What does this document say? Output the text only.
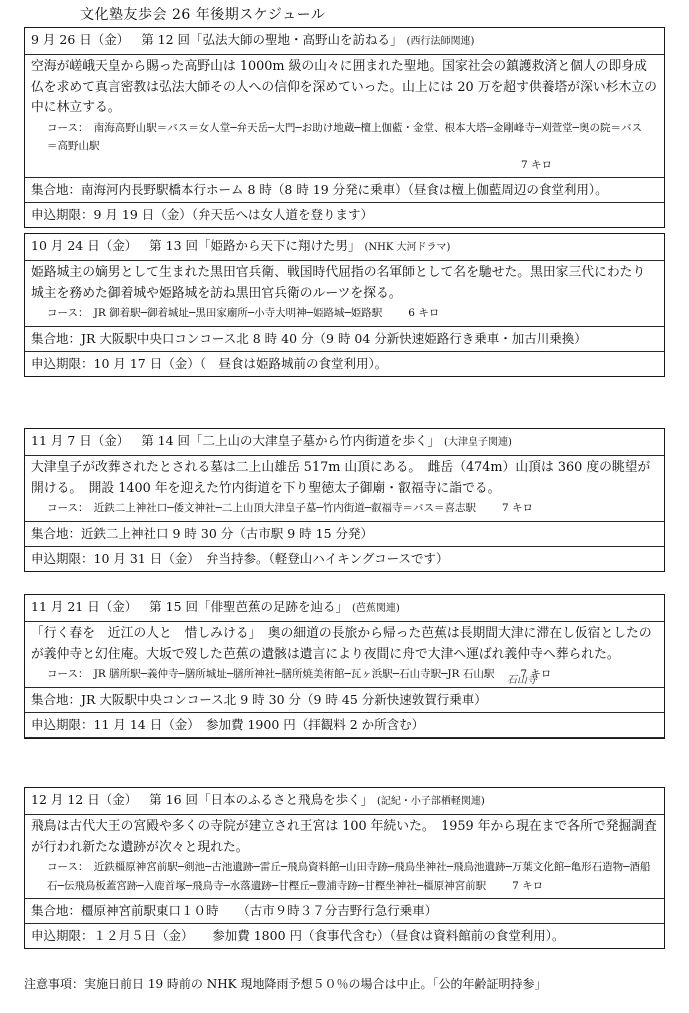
文化塾友歩会 26 年後期スケジュール
9 月 26 日（金） 第 12 回「弘法大師の聖地・高野山を訪ねる」 (西行法師関連)
空海が嵯峨天皇から賜った高野山は 1000m 級の山々に囲まれた聖地。国家社会の鎮護救済と個人の即身成仏を求めて真言密教は弘法大師その人への信仰を深めていった。山上には 20 万を超す供養塔が深い杉木立の中に林立する。
コース：　南海高野山駅＝バス＝女人堂─弁天岳─大門─お助け地蔵─檀上伽藍・金堂、根本大塔─金剛峰寺─刈萱堂─奥の院＝バス＝高野山駅
7 キロ
集合地：南海河内長野駅橋本行ホーム 8 時（8 時 19 分発に乗車）（昼食は檀上伽藍周辺の食堂利用）。
申込期限：9 月 19 日（金）（弁天岳へは女人道を登ります）
10 月 24 日（金） 第 13 回「姫路から天下に翔けた男」 (NHK 大河ドラマ)
姫路城主の嫡男として生まれた黒田官兵衛、戦国時代屈指の名軍師として名を馳せた。黒田家三代にわたり城主を務めた御着城や姫路城を訪ね黒田官兵衛のルーツを探る。
コース：　JR 御着駅─御着城址─黒田家廟所─小寺大明神─姫路城─姫路駅 6 キロ
集合地：JR 大阪駅中央口コンコース北 8 時 40 分（9 時 04 分新快速姫路行き乗車・加古川乗換）
申込期限：10 月 17 日（金）（　昼食は姫路城前の食堂利用）。
11 月 7 日（金） 第 14 回「二上山の大津皇子墓から竹内街道を歩く」 (大津皇子関連)
大津皇子が改葬されたとされる墓は二上山雄岳 517m 山頂にある。　雌岳（474m）山頂は 360 度の眺望が開ける。　開設 1400 年を迎えた竹内街道を下り聖徳太子御廟・叡福寺に詣でる。
コース：　近鉄二上神社口─倭文神社─二上山頂大津皇子墓─竹内街道─叡福寺＝バス＝喜志駅 7 キロ
集合地：近鉄二上神社口 9 時 30 分（古市駅 9 時 15 分発）
申込期限：10 月 31 日（金）　弁当持参。（軽登山ハイキングコースです）
11 月 21 日（金） 第 15 回「俳聖芭蕉の足跡を辿る」 (芭蕉関連)
「行く春を　近江の人と　惜しみける」　奥の細道の長旅から帰った芭蕉は長期間大津に滞在し仮宿としたのが義仲寺と幻住庵。大坂で歿した芭蕉の遺骸は遺言により夜間に舟で大津へ運ばれ義仲寺へ葬られた。
コース：　JR 膳所駅─義仲寺─膳所城址─膳所神社─膳所焼美術館─瓦ヶ浜駅─石山寺駅─JR 石山駅 7 キロ
集合地：JR 大阪駅中央コンコース北 9 時 30 分（9 時 45 分新快速敦賀行乗車）
申込期限：11 月 14 日（金）　参加費 1900 円（拝観料 2 か所含む）
石山寺
12 月 12 日（金） 第 16 回「日本のふるさと飛鳥を歩く」 (記紀・小子部栖軽関連)
飛鳥は古代大王の宮殿や多くの寺院が建立され王宮は 100 年続いた。　1959 年から現在まで各所で発掘調査が行われ新たな遺跡が次々と現れた。
コース：　近鉄橿原神宮前駅─剣池─古池遺跡─雷丘─飛鳥資料館─山田寺跡─飛鳥坐神社─飛鳥池遺跡─万葉文化館─亀形石造物─酒船石─伝飛鳥板蓋宮跡─入鹿首塚─飛鳥寺─水落遺跡─甘樫丘─豊浦寺跡─甘樫坐神社─橿原神宮前駅 7 キロ
集合地：橿原神宮前駅東口１０時　　（古市９時３７分吉野行急行乗車）
申込期限：１２月５日（金）　　参加費 1800 円（食事代含む）（昼食は資料館前の食堂利用）。
注意事項：実施日前日 19 時前の NHK 現地降雨予想５０％の場合は中止。「公的年齢証明持参」
